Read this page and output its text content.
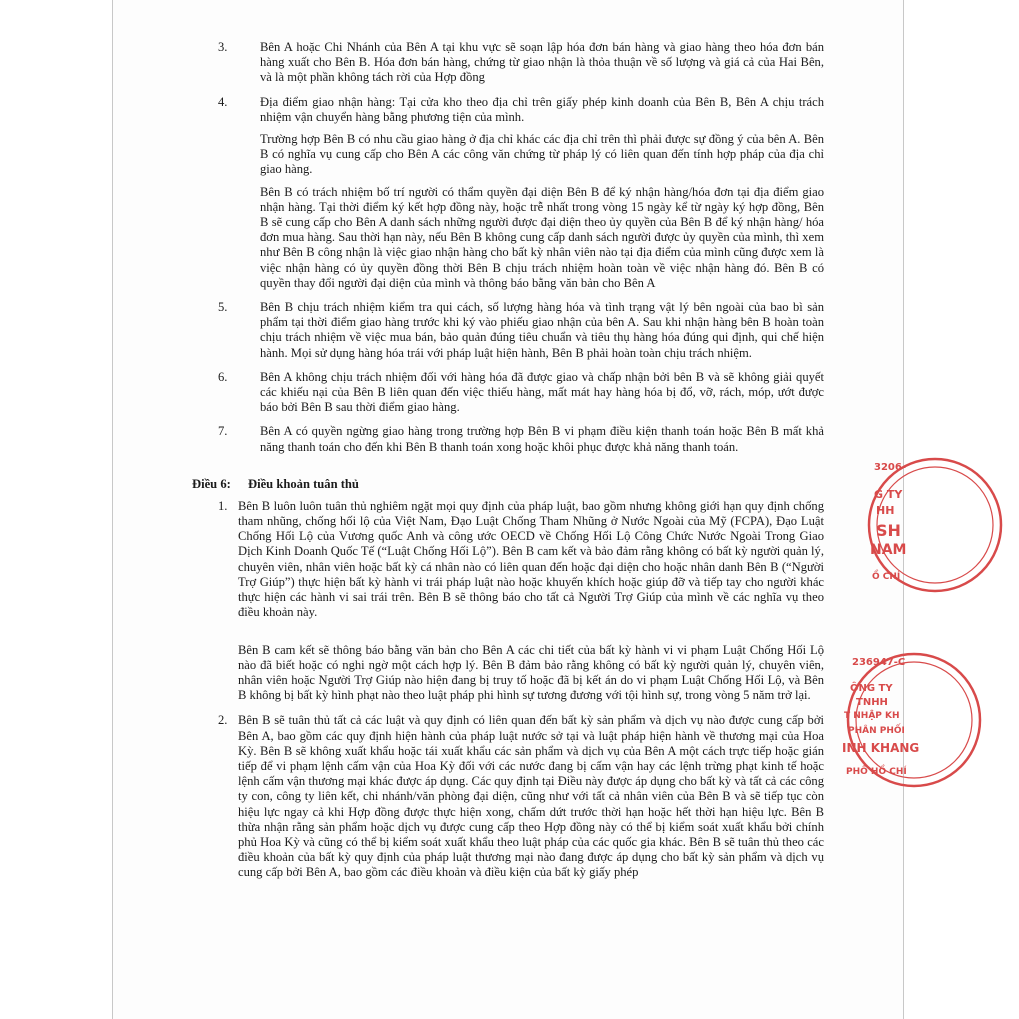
3.	Bên A hoặc Chi Nhánh của Bên A tại khu vực sẽ soạn lập hóa đơn bán hàng và giao hàng theo hóa đơn bán hàng xuất cho Bên B. Hóa đơn bán hàng, chứng từ giao nhận là thỏa thuận về số lượng và giá cả của Hai Bên, và là một phần không tách rời của Hợp đồng

4.	Địa điểm giao nhận hàng: Tại cửa kho theo địa chỉ trên giấy phép kinh doanh của Bên B, Bên A chịu trách nhiệm vận chuyển hàng bằng phương tiện của mình.

Trường hợp Bên B có nhu cầu giao hàng ở địa chỉ khác các địa chỉ trên thì phải được sự đồng ý của bên A. Bên B có nghĩa vụ cung cấp cho Bên A các công văn chứng từ pháp lý có liên quan đến tính hợp pháp của địa chỉ giao hàng.

Bên B có trách nhiệm bố trí người có thẩm quyền đại diện Bên B để ký nhận hàng/hóa đơn tại địa điểm giao nhận hàng. Tại thời điểm ký kết hợp đồng này, hoặc trễ nhất trong vòng 15 ngày kể từ ngày ký hợp đồng, Bên B sẽ cung cấp cho Bên A danh sách những người được đại diện theo ủy quyền của Bên B để ký nhận hàng/ hóa đơn mua hàng. Sau thời hạn này, nếu Bên B không cung cấp danh sách người được ủy quyền của mình, thì xem như Bên B công nhận là việc giao nhận hàng cho bất kỳ nhân viên nào tại địa điểm của mình cũng được xem là việc nhận hàng có ủy quyền đồng thời Bên B chịu trách nhiệm hoàn toàn về việc nhận hàng đó. Bên B có quyền thay đổi người đại diện của mình và thông báo bằng văn bản cho Bên A

5.	Bên B chịu trách nhiệm kiểm tra qui cách, số lượng hàng hóa và tình trạng vật lý bên ngoài của bao bì sản phẩm tại thời điểm giao hàng trước khi ký vào phiếu giao nhận của bên A. Sau khi nhận hàng bên B hoàn toàn chịu trách nhiệm về việc mua bán, bảo quản đúng tiêu chuẩn và tiêu thụ hàng hóa đúng qui định, qui chế hiện hành. Mọi sử dụng hàng hóa trái với pháp luật hiện hành, Bên B phải hoàn toàn chịu trách nhiệm.

6.	Bên A không chịu trách nhiệm đối với hàng hóa đã được giao và chấp nhận bởi bên B và sẽ không giải quyết các khiếu nại của Bên B liên quan đến việc thiếu hàng, mất mát hay hàng hóa bị đổ, vỡ, rách, móp, ướt được báo bởi Bên B sau thời điểm giao hàng.

7.	Bên A có quyền ngừng giao hàng trong trường hợp Bên B vi phạm điều kiện thanh toán hoặc Bên B mất khả năng thanh toán cho đến khi Bên B thanh toán xong hoặc khôi phục được khả năng thanh toán.

Điều 6: Điều khoản tuân thủ
1. Bên B luôn luôn tuân thủ nghiêm ngặt mọi quy định của pháp luật, bao gồm nhưng không giới hạn quy định chống tham nhũng, chống hối lộ của Việt Nam, Đạo Luật Chống Tham Nhũng ở Nước Ngoài của Mỹ (FCPA), Đạo Luật Chống Hối Lộ của Vương quốc Anh và công ước OECD về Chống Hối Lộ Công Chức Nước Ngoài Trong Giao Dịch Kinh Doanh Quốc Tế (“Luật Chống Hối Lộ”). Bên B cam kết và bảo đảm rằng không có bất kỳ người quản lý, chuyên viên, nhân viên hoặc bất kỳ cá nhân nào có liên quan đến hoặc đại diện cho hoặc nhân danh Bên B (“Người Trợ Giúp”) thực hiện bất kỳ hành vi trái pháp luật nào hoặc khuyến khích hoặc giúp đỡ và tiếp tay cho người khác thực hiện các hành vi sai trái trên. Bên B sẽ thông báo cho tất cả Người Trợ Giúp của mình về các nghĩa vụ theo điều khoản này.

Bên B cam kết sẽ thông báo bằng văn bản cho Bên A các chi tiết của bất kỳ hành vi vi phạm Luật Chống Hối Lộ nào đã biết hoặc có nghi ngờ một cách hợp lý. Bên B đảm bảo rằng không có bất kỳ người quản lý, chuyên viên, nhân viên hoặc Người Trợ Giúp nào hiện đang bị truy tố hoặc đã bị kết án do vi phạm Luật Chống Hối Lộ, và Bên B không bị bất kỳ hình phạt nào theo luật pháp phi hình sự tương đương với tội hình sự, trong vòng 5 năm trở lại.

2. Bên B sẽ tuân thủ tất cả các luật và quy định có liên quan đến bất kỳ sản phẩm và dịch vụ nào được cung cấp bởi Bên A, bao gồm các quy định hiện hành của pháp luật nước sở tại và luật pháp hiện hành về thương mại của Hoa Kỳ. Bên B sẽ không xuất khẩu hoặc tái xuất khẩu các sản phẩm và dịch vụ của Bên A một cách trực tiếp hoặc gián tiếp để vi phạm lệnh cấm vận của Hoa Kỳ đối với các nước đang bị cấm vận hay các lệnh trừng phạt kinh tế hoặc lệnh cấm vận thương mại khác được áp dụng. Các quy định tại Điều này được áp dụng cho bất kỳ và tất cả các công ty con, công ty liên kết, chi nhánh/văn phòng đại diện, cũng như với tất cả nhân viên của Bên B và sẽ tiếp tục còn hiệu lực ngay cả khi Hợp đồng được thực hiện xong, chấm dứt trước thời hạn hoặc hết thời hạn hiệu lực. Bên B thừa nhận rằng sản phẩm hoặc dịch vụ được cung cấp theo Hợp đồng này có thể bị kiểm soát xuất khẩu bởi chính phủ Hoa Kỳ và cũng có thể bị kiểm soát xuất khẩu theo luật pháp của các quốc gia khác. Bên B sẽ tuân thủ theo các điều khoản của bất kỳ quy định của pháp luật thương mại nào đang được áp dụng cho bất kỳ sản phẩm và dịch vụ cung cấp bởi Bên A, bao gồm các điều khoản và điều kiện của bất kỳ giấy phép

3206-
G TY
HH
SH
NAM
Ồ CHÍ
236947-C
ÔNG TY
TNHH
T NHẬP KH
PHÂN PHỐI
INH KHANG
PHỐ HỒ CHÍ
